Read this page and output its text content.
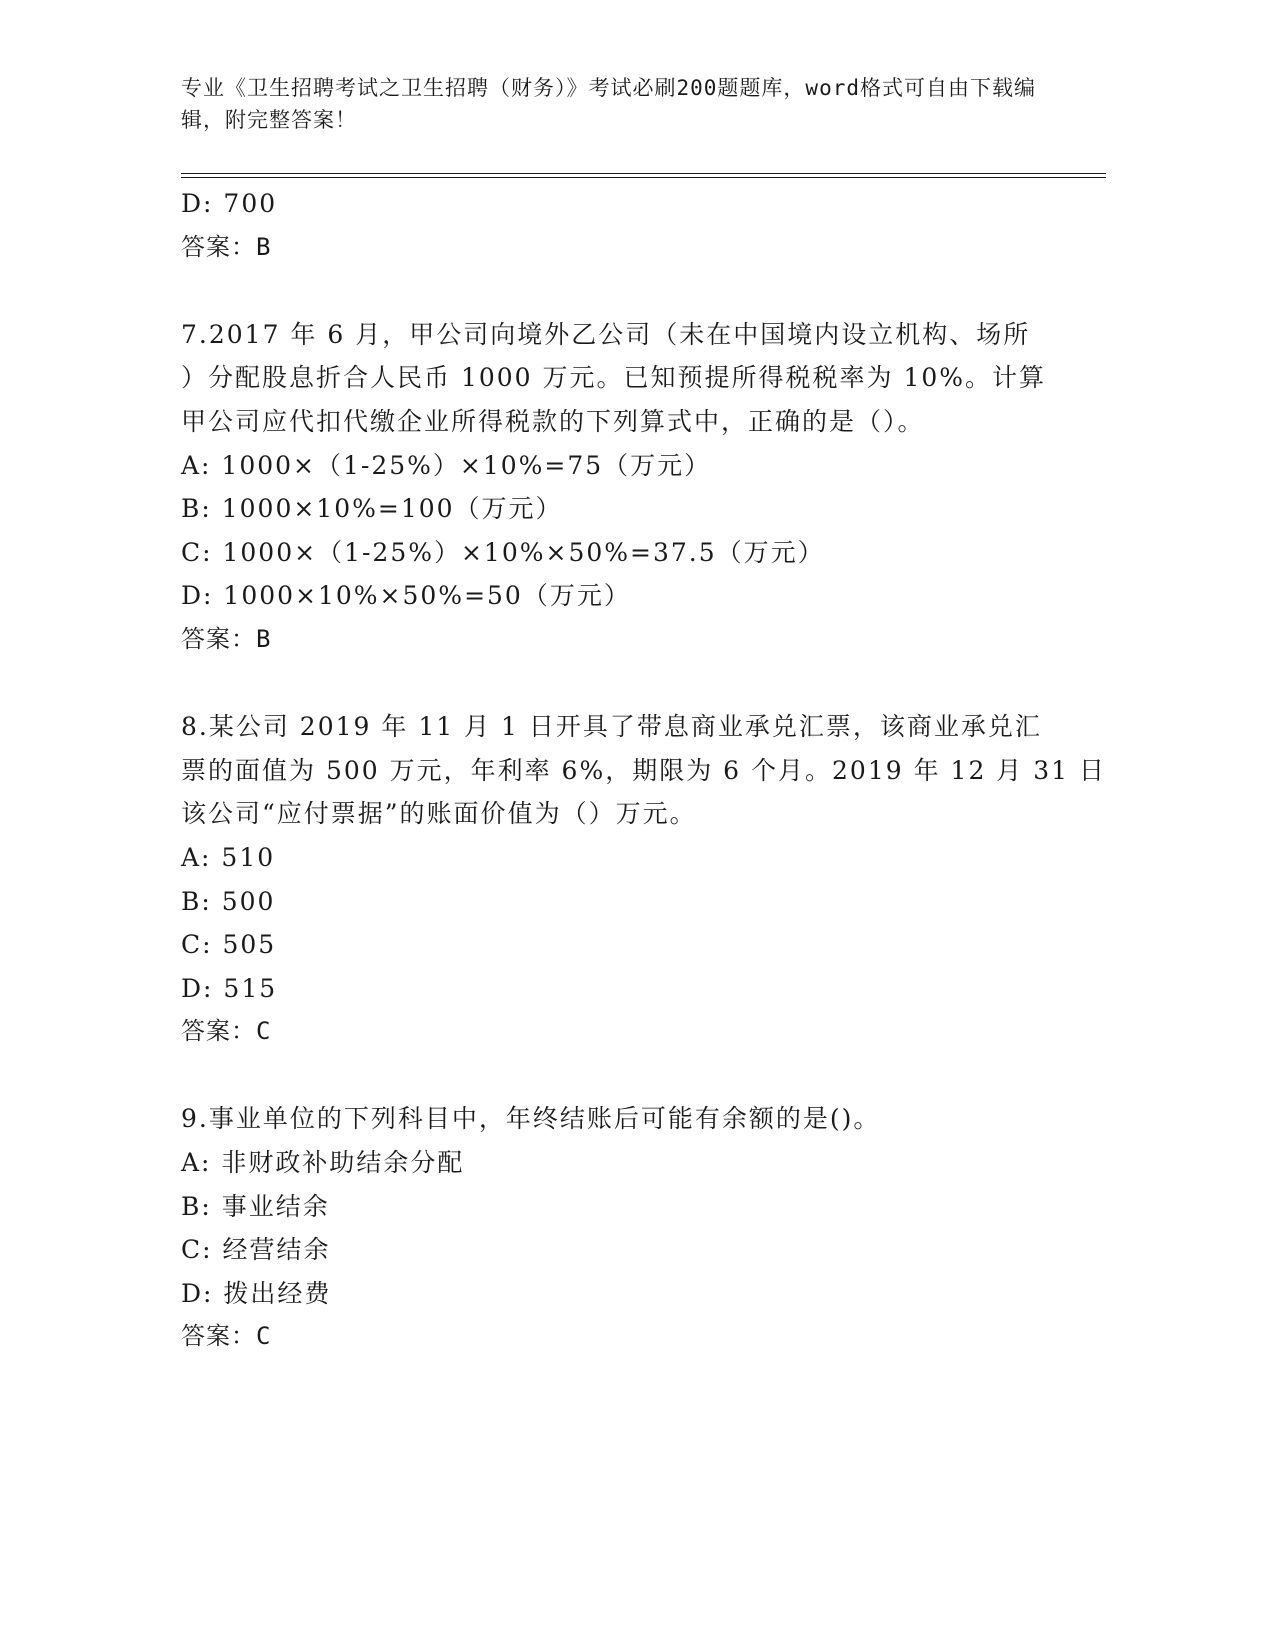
专业《卫生招聘考试之卫生招聘（财务）》考试必刷200题题库，word格式可自由下载编辑，附完整答案！
D: 700
答案：B
7.2017 年 6 月，甲公司向境外乙公司（未在中国境内设立机构、场所
）分配股息折合人民币 1000 万元。已知预提所得税税率为 10%。计算
甲公司应代扣代缴企业所得税款的下列算式中，正确的是（）。
A: 1000×（1-25%）×10%=75（万元）
B: 1000×10%=100（万元）
C: 1000×（1-25%）×10%×50%=37.5（万元）
D: 1000×10%×50%=50（万元）
答案：B
8.某公司 2019 年 11 月 1 日开具了带息商业承兑汇票，该商业承兑汇
票的面值为 500 万元，年利率 6%，期限为 6 个月。2019 年 12 月 31 日
该公司“应付票据”的账面价值为（）万元。
A: 510
B: 500
C: 505
D: 515
答案：C
9.事业单位的下列科目中，年终结账后可能有余额的是()。
A: 非财政补助结余分配
B: 事业结余
C: 经营结余
D: 拨出经费
答案：C
